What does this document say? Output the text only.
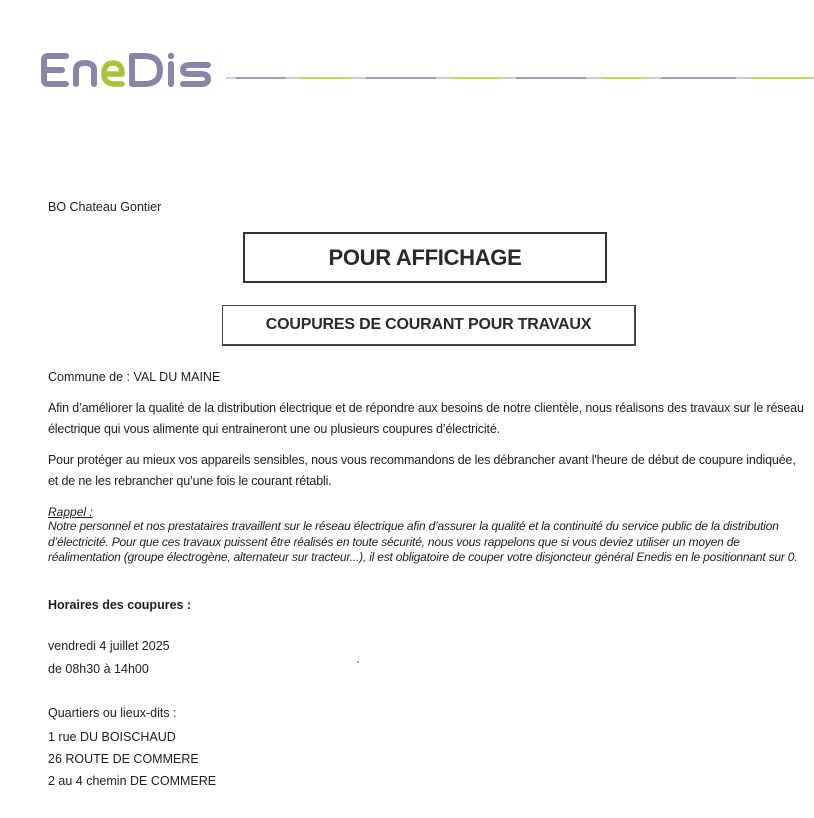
BO Chateau Gontier
POUR AFFICHAGE
COUPURES DE COURANT POUR TRAVAUX
Commune de : VAL DU MAINE
Afin d’améliorer la qualité de la distribution électrique et de répondre aux besoins de notre clientèle, nous réalisons des travaux sur le réseau électrique qui vous alimente qui entraineront une ou plusieurs coupures d’électricité.
Pour protéger au mieux vos appareils sensibles, nous vous recommandons de les débrancher avant l'heure de début de coupure indiquée, et de ne les rebrancher qu’une fois le courant rétabli.
Rappel :
Notre personnel et nos prestataires travaillent sur le réseau électrique afin d’assurer la qualité et la continuité du service public de la distribution d’électricité. Pour que ces travaux puissent être réalisés en toute sécurité, nous vous rappelons que si vous deviez utiliser un moyen de réalimentation (groupe électrogène, alternateur sur tracteur...), il est obligatoire de couper votre disjoncteur général Enedis en le positionnant sur 0.
Horaires des coupures :
vendredi 4 juillet 2025
de 08h30 à 14h00
Quartiers ou lieux-dits :
1 rue DU BOISCHAUD
26 ROUTE DE COMMERE
2 au 4 chemin DE COMMERE
